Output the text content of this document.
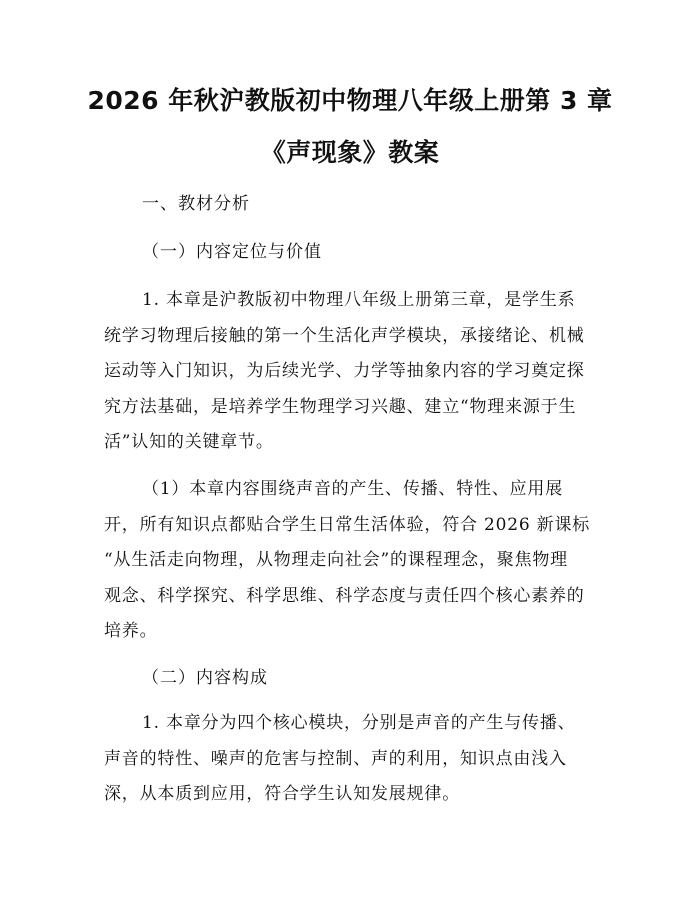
2026 年秋沪教版初中物理八年级上册第 3 章
《声现象》教案
一、教材分析
（一）内容定位与价值
1. 本章是沪教版初中物理八年级上册第三章，是学生系
统学习物理后接触的第一个生活化声学模块，承接绪论、机械
运动等入门知识，为后续光学、力学等抽象内容的学习奠定探
究方法基础，是培养学生物理学习兴趣、建立“物理来源于生
活”认知的关键章节。
（1）本章内容围绕声音的产生、传播、特性、应用展
开，所有知识点都贴合学生日常生活体验，符合 2026 新课标
“从生活走向物理，从物理走向社会”的课程理念，聚焦物理
观念、科学探究、科学思维、科学态度与责任四个核心素养的
培养。
（二）内容构成
1. 本章分为四个核心模块，分别是声音的产生与传播、
声音的特性、噪声的危害与控制、声的利用，知识点由浅入
深，从本质到应用，符合学生认知发展规律。
